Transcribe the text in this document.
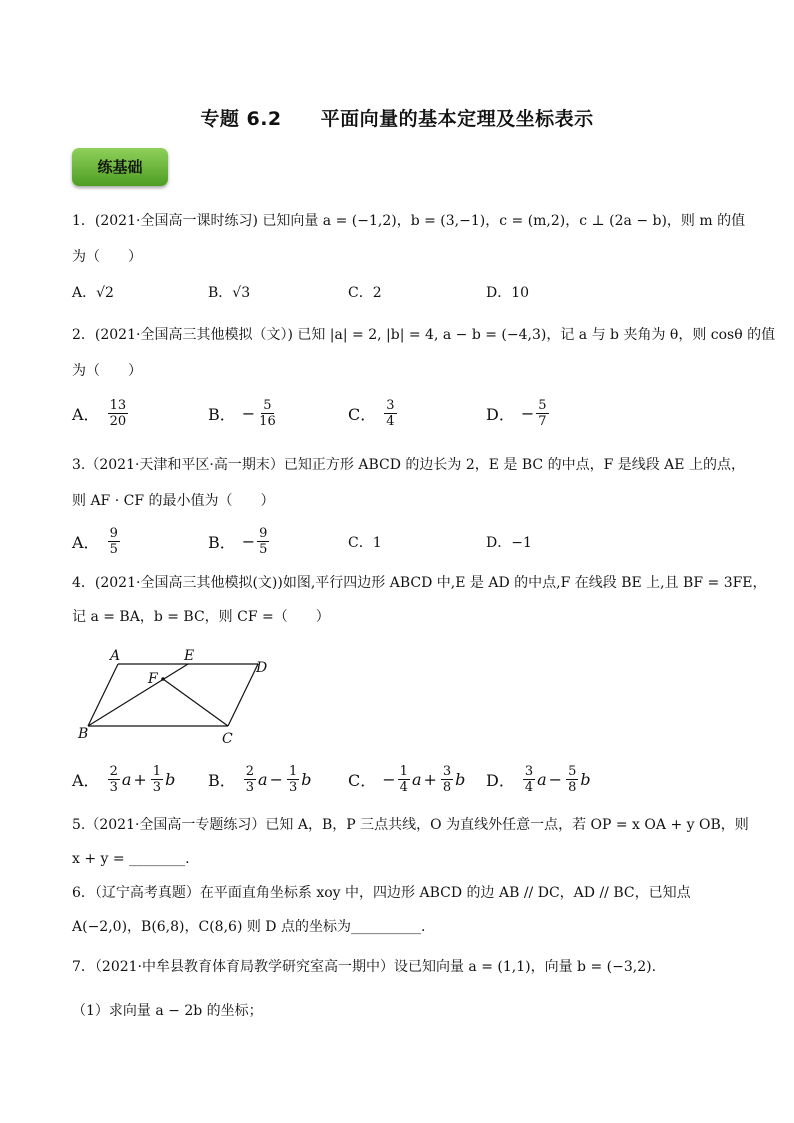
专题 6.2　　平面向量的基本定理及坐标表示
练基础
1．(2021·全国高一课时练习) 已知向量 a = (−1,2)，b = (3,−1)，c = (m,2)，c ⊥ (2a − b)，则 m 的值
为（　　）
A．√2	B．√3	C．2	D．10
2．(2021·全国高三其他模拟（文）) 已知 |a| = 2, |b| = 4, a − b = (−4,3)，记 a 与 b 夹角为 θ，则 cosθ 的值
为（　　）
A． $\frac{13}{20}$	B． − $\frac{5}{16}$	C． $\frac{3}{4}$	D． − $\frac{5}{7}$
3.（2021·天津和平区·高一期末）已知正方形 ABCD 的边长为 2，E 是 BC 的中点，F 是线段 AE 上的点，
则 AF · CF 的最小值为（　　）
A． $\frac{9}{5}$	B． − $\frac{9}{5}$	C．1	D．−1
4．(2021·全国高三其他模拟(文))如图,平行四边形 ABCD 中,E 是 AD 的中点,F 在线段 BE 上,且 BF = 3FE，
记 a = BA，b = BC，则 CF =（　　）
A	E
D
F
B	C
A． $\frac{2}{3}$ $a + \frac{1}{3}$ b B． $\frac{2}{3}$ $a - \frac{1}{3}$ b C． − $\frac{1}{4}$ $a + \frac{3}{8}$ b D． $\frac{3}{4}$ $a - \frac{5}{8}$ b
5.（2021·全国高一专题练习）已知 A，B，P 三点共线，O 为直线外任意一点，若 OP = x OA + y OB，则
x + y = ________.
6．（辽宁高考真题）在平面直角坐标系 xoy 中，四边形 ABCD 的边 AB // DC，AD // BC，已知点
A(−2,0)，B(6,8)，C(8,6) 则 D 点的坐标为__________.
7．（2021·中牟县教育体育局教学研究室高一期中）设已知向量 a = (1,1)，向量 b = (−3,2).
（1）求向量 a − 2b 的坐标；
